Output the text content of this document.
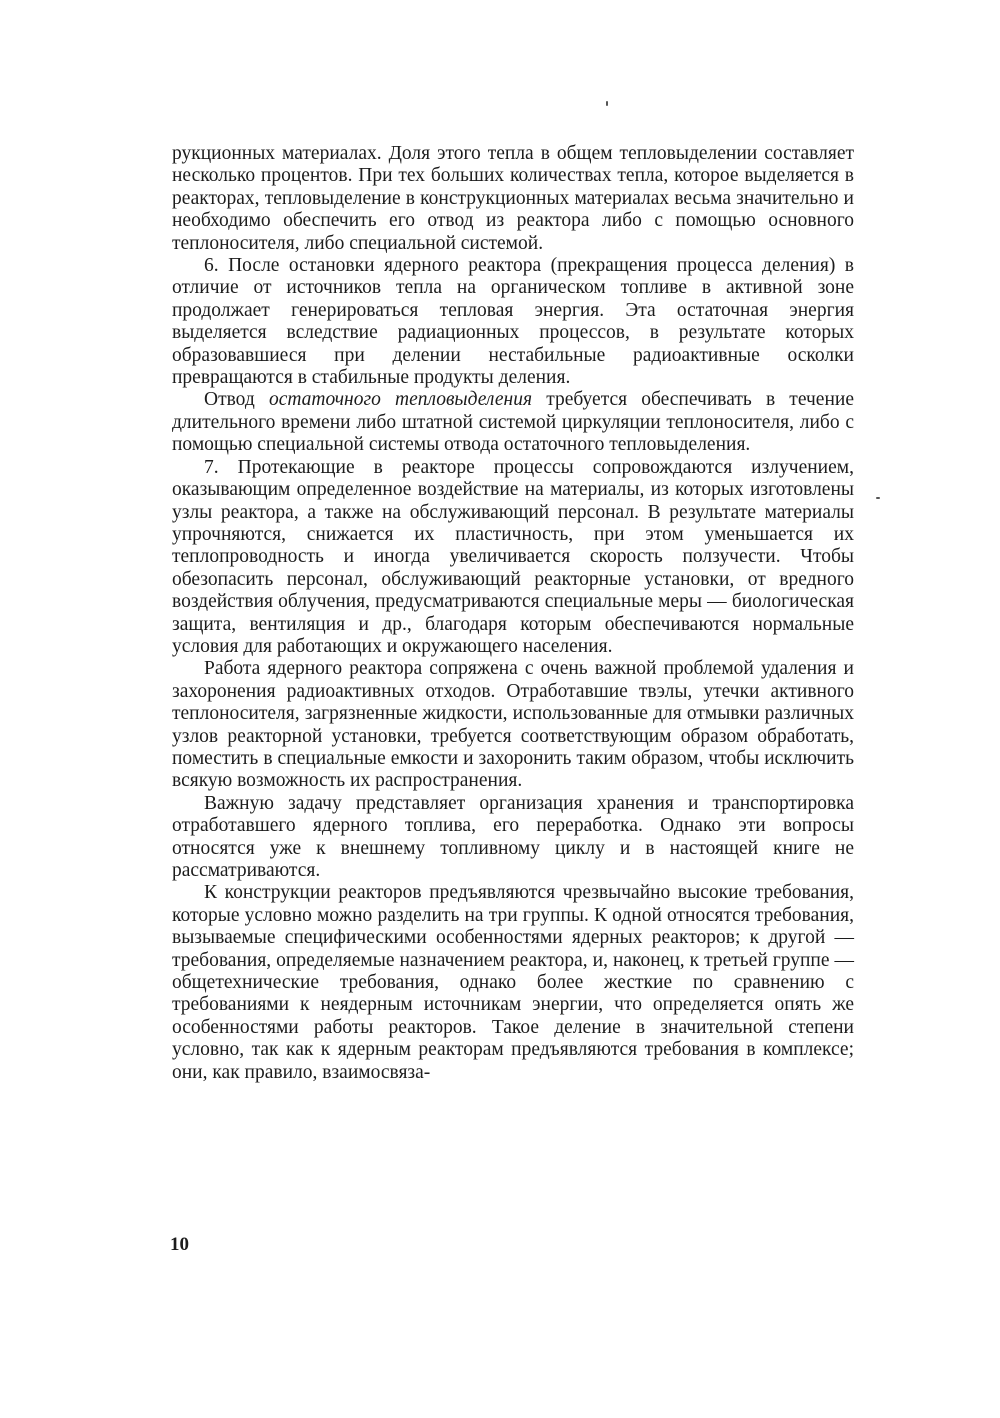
рукционных материалах. Доля этого тепла в общем тепловыделении составляет несколько процентов. При тех больших количествах тепла, которое выделяется в реакторах, тепловыделение в конструкционных материалах весьма значительно и необходимо обеспечить его отвод из реактора либо с помощью основного теплоносителя, либо специальной системой.

6. После остановки ядерного реактора (прекращения процесса деления) в отличие от источников тепла на органическом топливе в активной зоне продолжает генерироваться тепловая энергия. Эта остаточная энергия выделяется вследствие радиационных процессов, в результате которых образовавшиеся при делении нестабильные радиоактивные осколки превращаются в стабильные продукты деления.

Отвод остаточного тепловыделения требуется обеспечивать в течение длительного времени либо штатной системой циркуляции теплоносителя, либо с помощью специальной системы отвода остаточного тепловыделения.

7. Протекающие в реакторе процессы сопровождаются излучением, оказывающим определенное воздействие на материалы, из которых изготовлены узлы реактора, а также на обслуживающий персонал. В результате материалы упрочняются, снижается их пластичность, при этом уменьшается их теплопроводность и иногда увеличивается скорость ползучести. Чтобы обезопасить персонал, обслуживающий реакторные установки, от вредного воздействия облучения, предусматриваются специальные меры — биологическая защита, вентиляция и др., благодаря которым обеспечиваются нормальные условия для работающих и окружающего населения.

Работа ядерного реактора сопряжена с очень важной проблемой удаления и захоронения радиоактивных отходов. Отработавшие твэлы, утечки активного теплоносителя, загрязненные жидкости, использованные для отмывки различных узлов реакторной установки, требуется соответствующим образом обработать, поместить в специальные емкости и захоронить таким образом, чтобы исключить всякую возможность их распространения.

Важную задачу представляет организация хранения и транспортировка отработавшего ядерного топлива, его переработка. Однако эти вопросы относятся уже к внешнему топливному циклу и в настоящей книге не рассматриваются.

К конструкции реакторов предъявляются чрезвычайно высокие требования, которые условно можно разделить на три группы. К одной относятся требования, вызываемые специфическими особенностями ядерных реакторов; к другой — требования, определяемые назначением реактора, и, наконец, к третьей группе — общетехнические требования, однако более жесткие по сравнению с требованиями к неядерным источникам энергии, что определяется опять же особенностями работы реакторов. Такое деление в значительной степени условно, так как к ядерным реакторам предъявляются требования в комплексе; они, как правило, взаимосвяза-

10
